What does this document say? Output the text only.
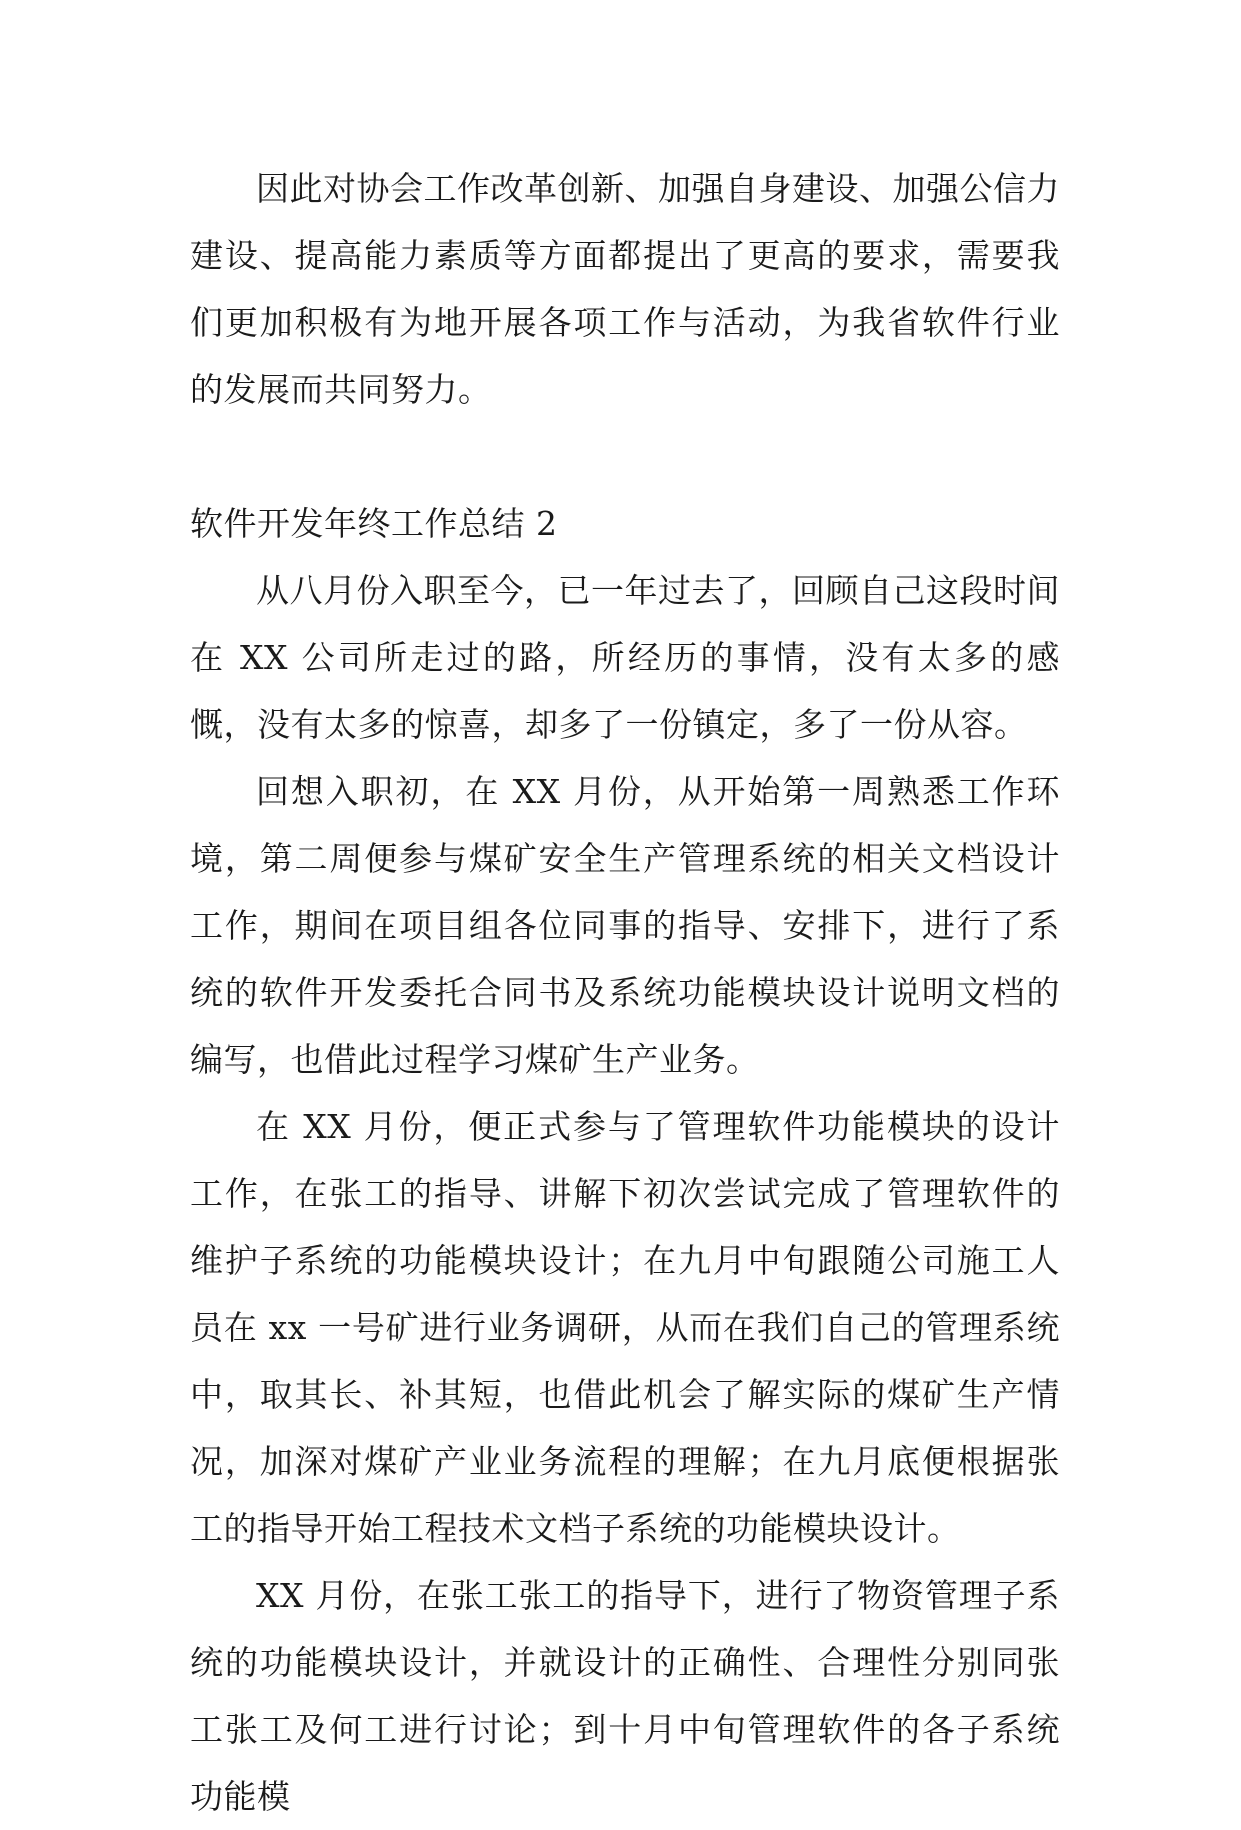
因此对协会工作改革创新、加强自身建设、加强公信力建设、提高能力素质等方面都提出了更高的要求，需要我们更加积极有为地开展各项工作与活动，为我省软件行业的发展而共同努力。

软件开发年终工作总结 2

从八月份入职至今，已一年过去了，回顾自己这段时间在 XX 公司所走过的路，所经历的事情，没有太多的感慨，没有太多的惊喜，却多了一份镇定，多了一份从容。

回想入职初，在 XX 月份，从开始第一周熟悉工作环境，第二周便参与煤矿安全生产管理系统的相关文档设计工作，期间在项目组各位同事的指导、安排下，进行了系统的软件开发委托合同书及系统功能模块设计说明文档的编写，也借此过程学习煤矿生产业务。

在 XX 月份，便正式参与了管理软件功能模块的设计工作，在张工的指导、讲解下初次尝试完成了管理软件的维护子系统的功能模块设计；在九月中旬跟随公司施工人员在 xx 一号矿进行业务调研，从而在我们自己的管理系统中，取其长、补其短，也借此机会了解实际的煤矿生产情况，加深对煤矿产业业务流程的理解；在九月底便根据张工的指导开始工程技术文档子系统的功能模块设计。

XX 月份，在张工张工的指导下，进行了物资管理子系统的功能模块设计，并就设计的正确性、合理性分别同张工张工及何工进行讨论；到十月中旬管理软件的各子系统功能模
